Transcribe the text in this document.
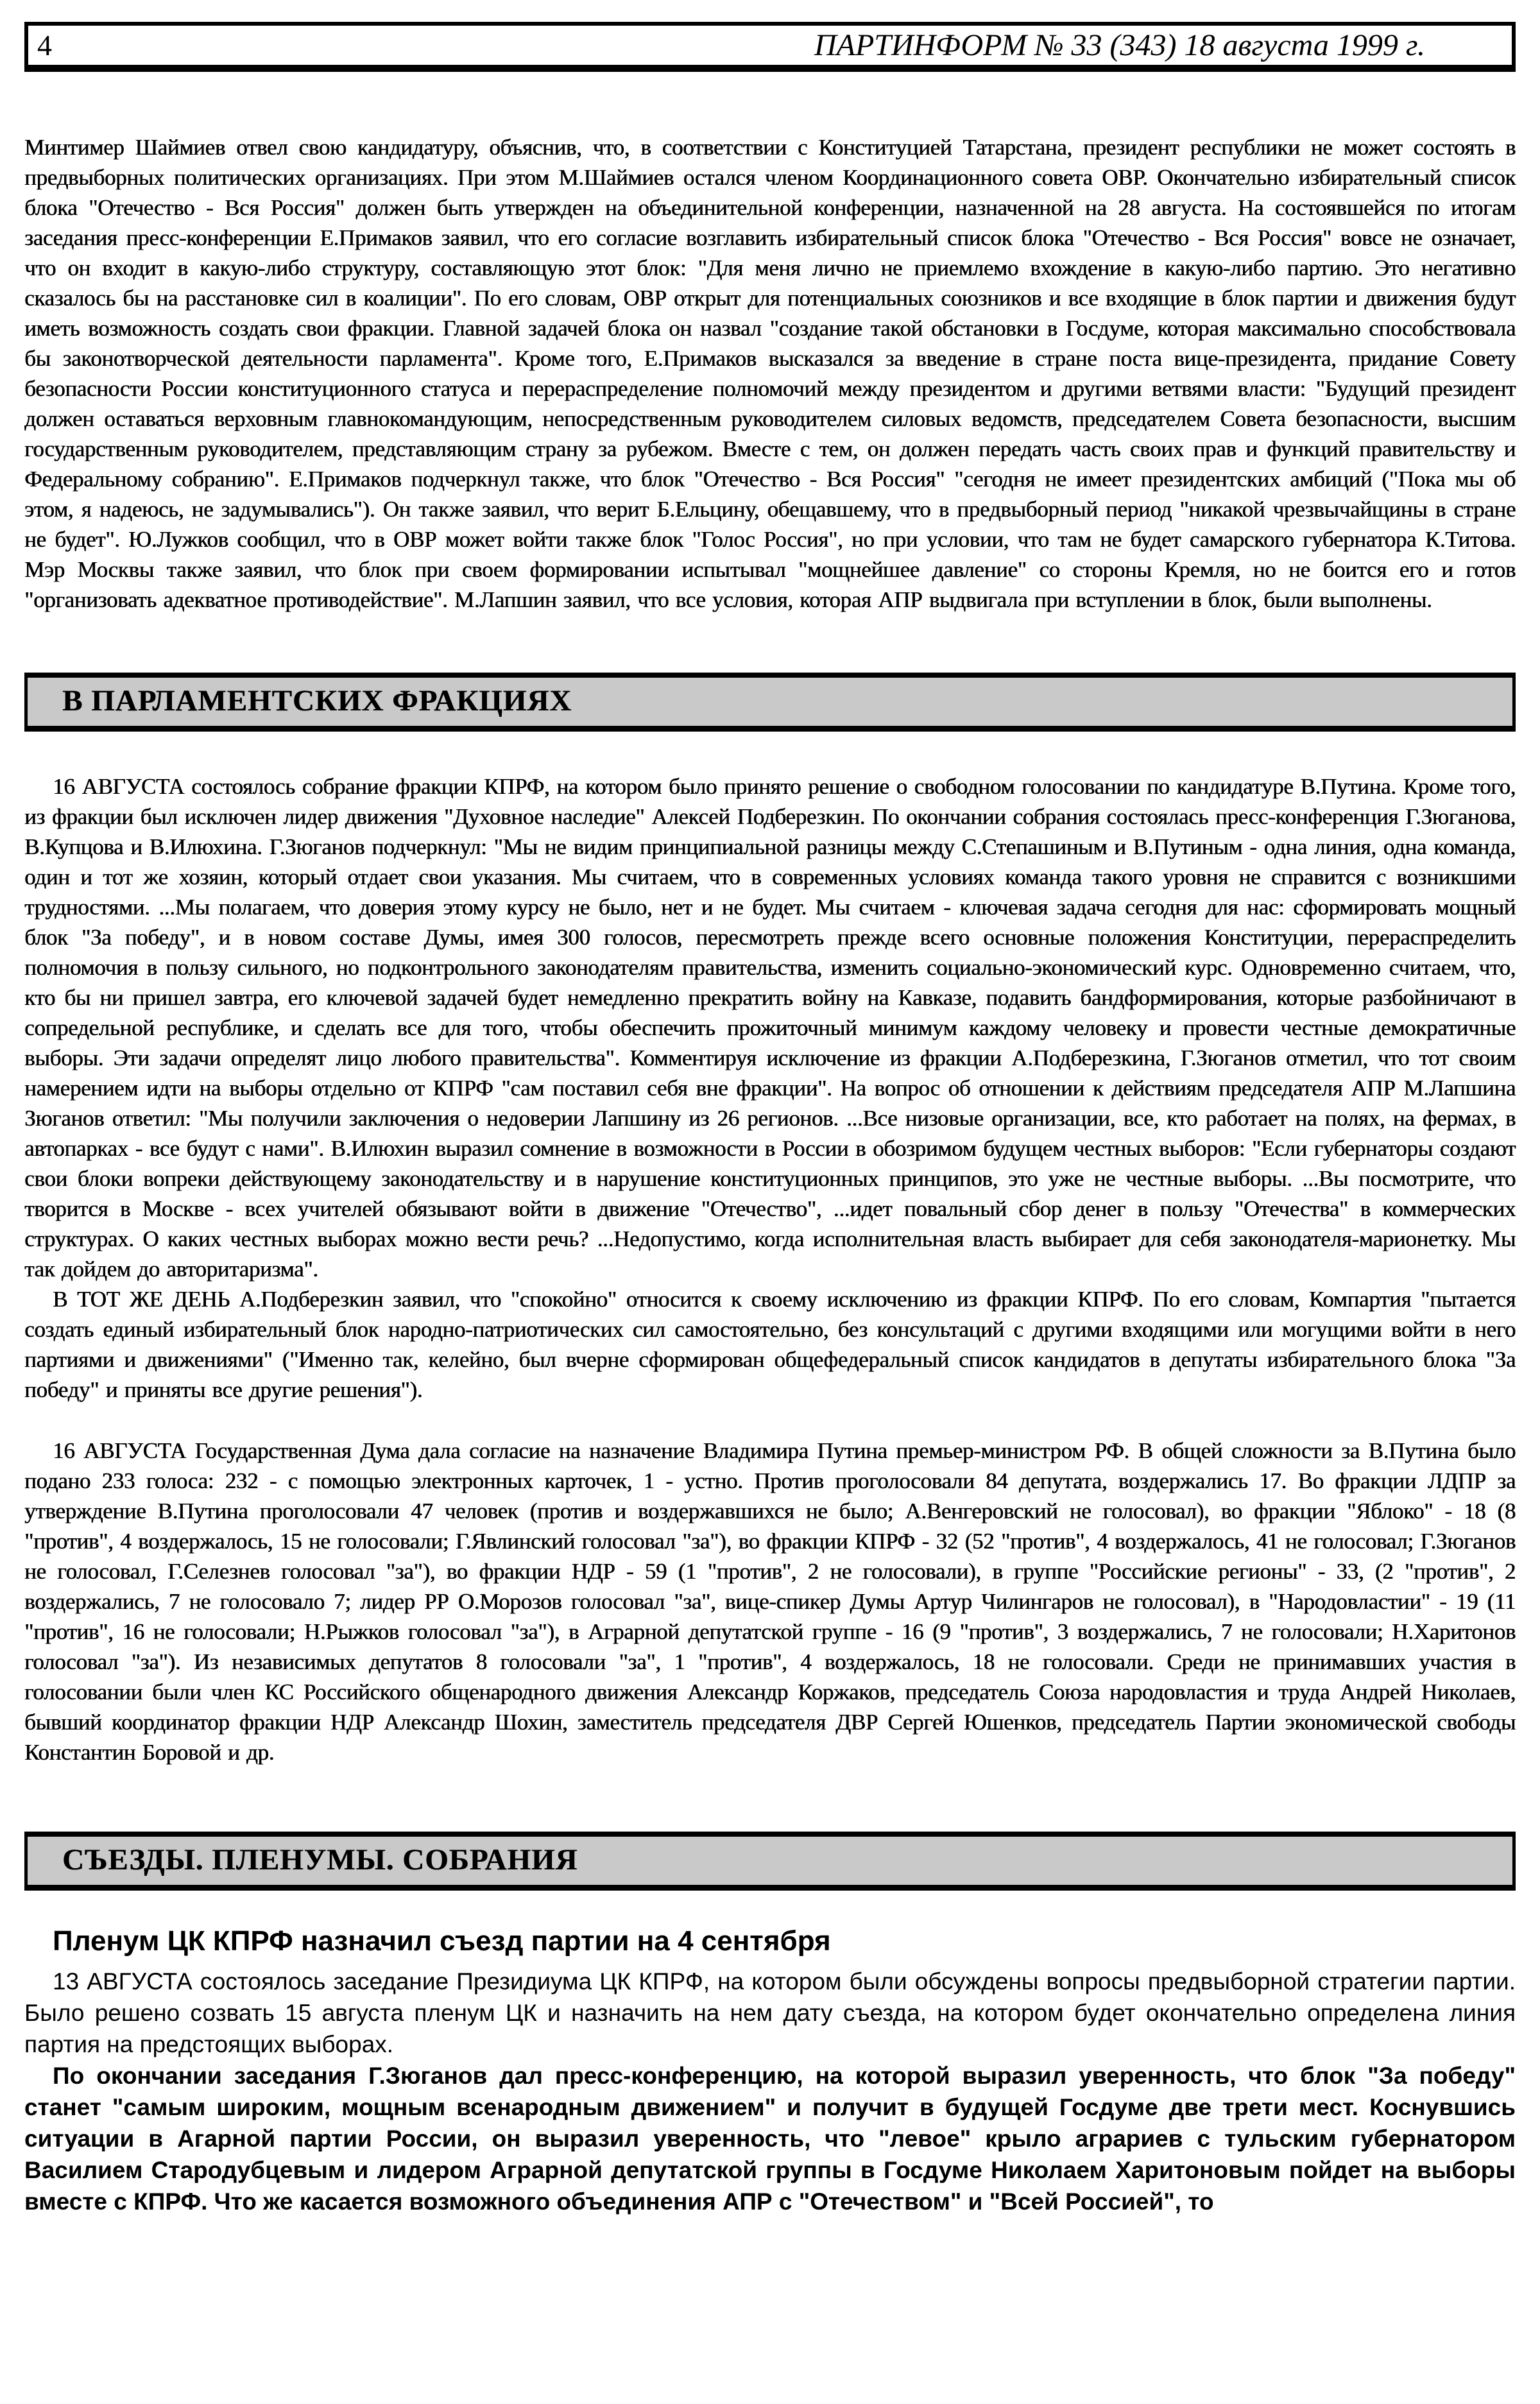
4	ПАРТИНФОРМ № 33 (343) 18 августа 1999 г.

Минтимер Шаймиев отвел свою кандидатуру, объяснив, что, в соответствии с Конституцией Татарстана, президент республики не может состоять в предвыборных политических организациях. При этом М.Шаймиев остался членом Координационного совета ОВР. Окончательно избирательный список блока "Отечество - Вся Россия" должен быть утвержден на объединительной конференции, назначенной на 28 августа. На состоявшейся по итогам заседания пресс-конференции Е.Примаков заявил, что его согласие возглавить избирательный список блока "Отечество - Вся Россия" вовсе не означает, что он входит в какую-либо структуру, составляющую этот блок: "Для меня лично не приемлемо вхождение в какую-либо партию. Это негативно сказалось бы на расстановке сил в коалиции". По его словам, ОВР открыт для потенциальных союзников и все входящие в блок партии и движения будут иметь возможность создать свои фракции. Главной задачей блока он назвал "создание такой обстановки в Госдуме, которая максимально способствовала бы законотворческой деятельности парламента". Кроме того, Е.Примаков высказался за введение в стране поста вице-президента, придание Совету безопасности России конституционного статуса и перераспределение полномочий между президентом и другими ветвями власти: "Будущий президент должен оставаться верховным главнокомандующим, непосредственным руководителем силовых ведомств, председателем Совета безопасности, высшим государственным руководителем, представляющим страну за рубежом. Вместе с тем, он должен передать часть своих прав и функций правительству и Федеральному собранию". Е.Примаков подчеркнул также, что блок "Отечество - Вся Россия" "сегодня не имеет президентских амбиций ("Пока мы об этом, я надеюсь, не задумывались"). Он также заявил, что верит Б.Ельцину, обещавшему, что в предвыборный период "никакой чрезвычайщины в стране не будет". Ю.Лужков сообщил, что в ОВР может войти также блок "Голос Россия", но при условии, что там не будет самарского губернатора К.Титова. Мэр Москвы также заявил, что блок при своем формировании испытывал "мощнейшее давление" со стороны Кремля, но не боится его и готов "организовать адекватное противодействие". М.Лапшин заявил, что все условия, которая АПР выдвигала при вступлении в блок, были выполнены.

В ПАРЛАМЕНТСКИХ ФРАКЦИЯХ

16 АВГУСТА состоялось собрание фракции КПРФ, на котором было принято решение о свободном голосовании по кандидатуре В.Путина. Кроме того, из фракции был исключен лидер движения "Духовное наследие" Алексей Подберезкин. По окончании собрания состоялась пресс-конференция Г.Зюганова, В.Купцова и В.Илюхина. Г.Зюганов подчеркнул: "Мы не видим принципиальной разницы между С.Степашиным и В.Путиным - одна линия, одна команда, один и тот же хозяин, который отдает свои указания. Мы считаем, что в современных условиях команда такого уровня не справится с возникшими трудностями. ...Мы полагаем, что доверия этому курсу не было, нет и не будет. Мы считаем - ключевая задача сегодня для нас: сформировать мощный блок "За победу", и в новом составе Думы, имея 300 голосов, пересмотреть прежде всего основные положения Конституции, перераспределить полномочия в пользу сильного, но подконтрольного законодателям правительства, изменить социально-экономический курс. Одновременно считаем, что, кто бы ни пришел завтра, его ключевой задачей будет немедленно прекратить войну на Кавказе, подавить бандформирования, которые разбойничают в сопредельной республике, и сделать все для того, чтобы обеспечить прожиточный минимум каждому человеку и провести честные демократичные выборы. Эти задачи определят лицо любого правительства". Комментируя исключение из фракции А.Подберезкина, Г.Зюганов отметил, что тот своим намерением идти на выборы отдельно от КПРФ "сам поставил себя вне фракции". На вопрос об отношении к действиям председателя АПР М.Лапшина Зюганов ответил: "Мы получили заключения о недоверии Лапшину из 26 регионов. ...Все низовые организации, все, кто работает на полях, на фермах, в автопарках - все будут с нами". В.Илюхин выразил сомнение в возможности в России в обозримом будущем честных выборов: "Если губернаторы создают свои блоки вопреки действующему законодательству и в нарушение конституционных принципов, это уже не честные выборы. ...Вы посмотрите, что творится в Москве - всех учителей обязывают войти в движение "Отечество", ...идет повальный сбор денег в пользу "Отечества" в коммерческих структурах. О каких честных выборах можно вести речь? ...Недопустимо, когда исполнительная власть выбирает для себя законодателя-марионетку. Мы так дойдем до авторитаризма".

В ТОТ ЖЕ ДЕНЬ А.Подберезкин заявил, что "спокойно" относится к своему исключению из фракции КПРФ. По его словам, Компартия "пытается создать единый избирательный блок народно-патриотических сил самостоятельно, без консультаций с другими входящими или могущими войти в него партиями и движениями" ("Именно так, келейно, был вчерне сформирован общефедеральный список кандидатов в депутаты избирательного блока "За победу" и приняты все другие решения").

16 АВГУСТА Государственная Дума дала согласие на назначение Владимира Путина премьер-министром РФ. В общей сложности за В.Путина было подано 233 голоса: 232 - с помощью электронных карточек, 1 - устно. Против проголосовали 84 депутата, воздержались 17. Во фракции ЛДПР за утверждение В.Путина проголосовали 47 человек (против и воздержавшихся не было; А.Венгеровский не голосовал), во фракции "Яблоко" - 18 (8 "против", 4 воздержалось, 15 не голосовали; Г.Явлинский голосовал "за"), во фракции КПРФ - 32 (52 "против", 4 воздержалось, 41 не голосовал; Г.Зюганов не голосовал, Г.Селезнев голосовал "за"), во фракции НДР - 59 (1 "против", 2 не голосовали), в группе "Российские регионы" - 33, (2 "против", 2 воздержались, 7 не голосовало 7; лидер РР О.Морозов голосовал "за", вице-спикер Думы Артур Чилингаров не голосовал), в "Народовластии" - 19 (11 "против", 16 не голосовали; Н.Рыжков голосовал "за"), в Аграрной депутатской группе - 16 (9 "против", 3 воздержались, 7 не голосовали; Н.Харитонов голосовал "за"). Из независимых депутатов 8 голосовали "за", 1 "против", 4 воздержалось, 18 не голосовали. Среди не принимавших участия в голосовании были член КС Российского общенародного движения Александр Коржаков, председатель Союза народовластия и труда Андрей Николаев, бывший координатор фракции НДР Александр Шохин, заместитель председателя ДВР Сергей Юшенков, председатель Партии экономической свободы Константин Боровой и др.

СЪЕЗДЫ. ПЛЕНУМЫ. СОБРАНИЯ
Пленум ЦК КПРФ назначил съезд партии на 4 сентября

13 АВГУСТА состоялось заседание Президиума ЦК КПРФ, на котором были обсуждены вопросы предвыборной стратегии партии. Было решено созвать 15 августа пленум ЦК и назначить на нем дату съезда, на котором будет окончательно определена линия партия на предстоящих выборах.

По окончании заседания Г.Зюганов дал пресс-конференцию, на которой выразил уверенность, что блок "За победу" станет "самым широким, мощным всенародным движением" и получит в будущей Госдуме две трети мест. Коснувшись ситуации в Агарной партии России, он выразил уверенность, что "левое" крыло аграриев с тульским губернатором Василием Стародубцевым и лидером Аграрной депутатской группы в Госдуме Николаем Харитоновым пойдет на выборы вместе с КПРФ. Что же касается возможного объединения АПР с "Отечеством" и "Всей Россией", то
